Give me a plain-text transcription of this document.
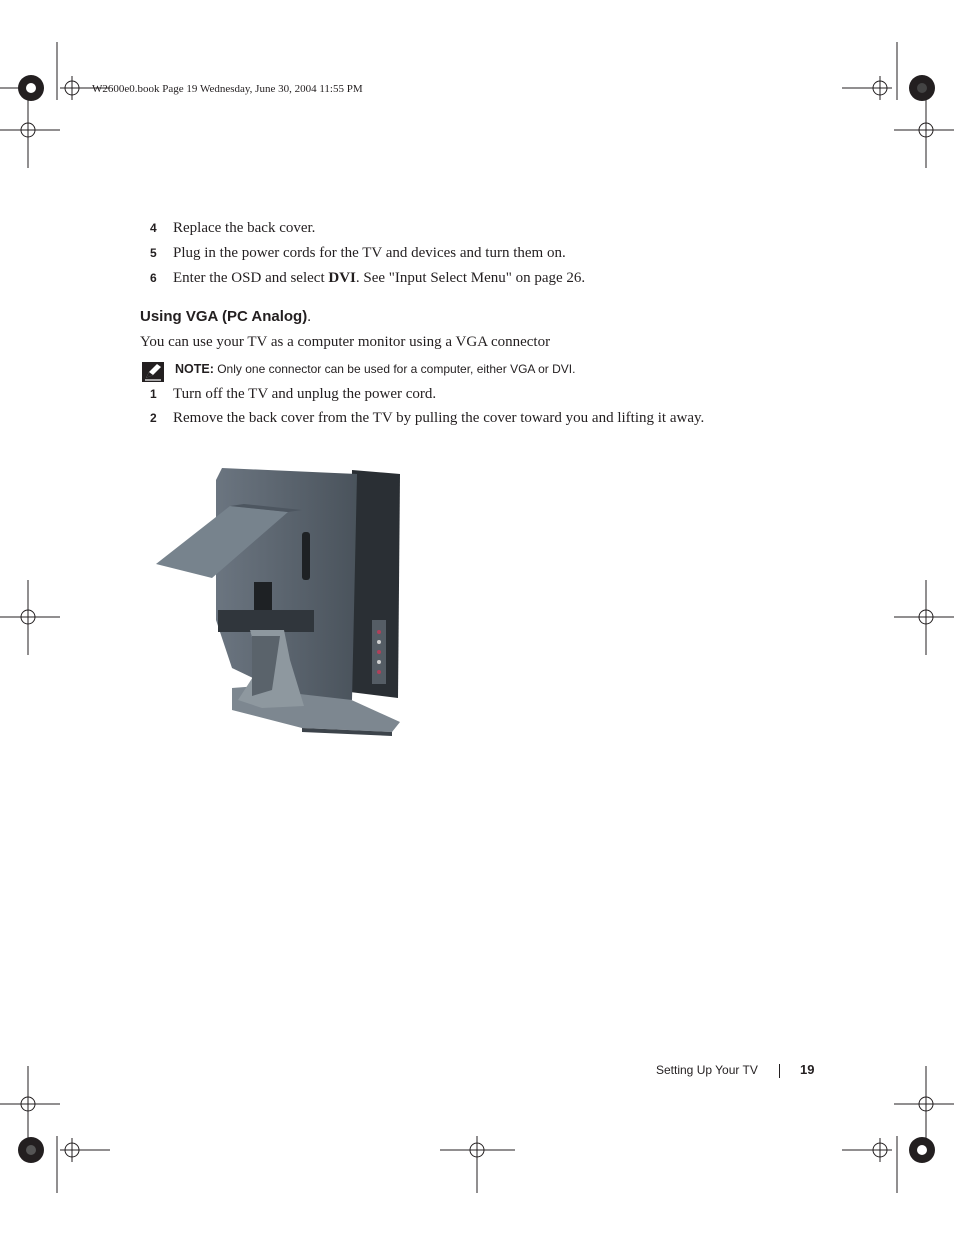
W2600e0.book Page 19 Wednesday, June 30, 2004 11:55 PM
4 Replace the back cover.
5 Plug in the power cords for the TV and devices and turn them on.
6 Enter the OSD and select DVI. See "Input Select Menu" on page 26.
Using VGA (PC Analog).
You can use your TV as a computer monitor using a VGA connector
NOTE: Only one connector can be used for a computer, either VGA or DVI.
1 Turn off the TV and unplug the power cord.
2 Remove the back cover from the TV by pulling the cover toward you and lifting it away.
Setting Up Your TV	19
